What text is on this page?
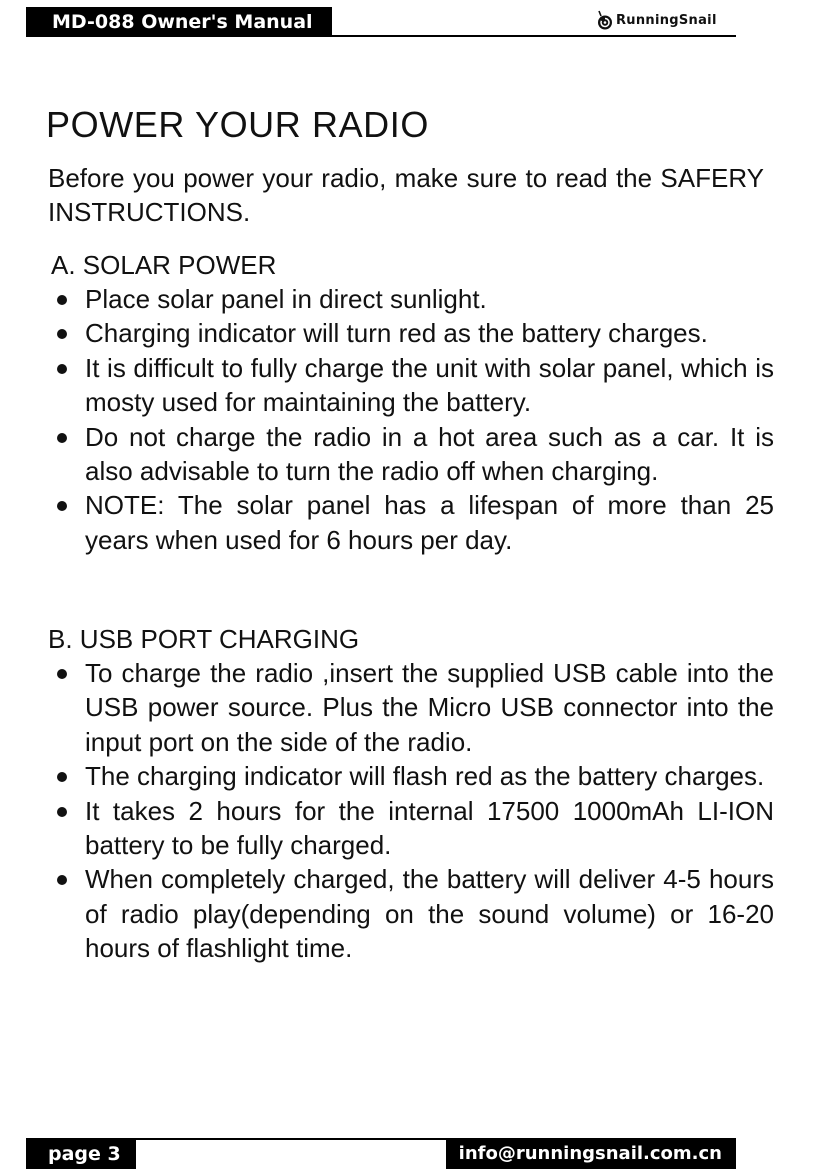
MD-088 Owner's Manual	RunningSnail
POWER YOUR RADIO

Before you power your radio, make sure to read the SAFERY INSTRUCTIONS.

A. SOLAR POWER
Place solar panel in direct sunlight.
Charging indicator will turn red as the battery charges.
It is difficult to fully charge the unit with solar panel, which is mosty used for maintaining the battery.
Do not charge the radio in a hot area such as a car. It is also advisable to turn the radio off when charging.
NOTE: The solar panel has a lifespan of more than 25 years when used for 6 hours per day.
B. USB PORT CHARGING
To charge the radio ,insert the supplied USB cable into the USB power source. Plus the Micro USB connector into the input port on the side of the radio.
The charging indicator will flash red as the battery charges.
It takes 2 hours for the internal 17500 1000mAh LI-ION battery to be fully charged.
When completely charged, the battery will deliver 4-5 hours of radio play(depending on the sound volume) or 16-20 hours of flashlight time.
page 3	info@runningsnail.com.cn
